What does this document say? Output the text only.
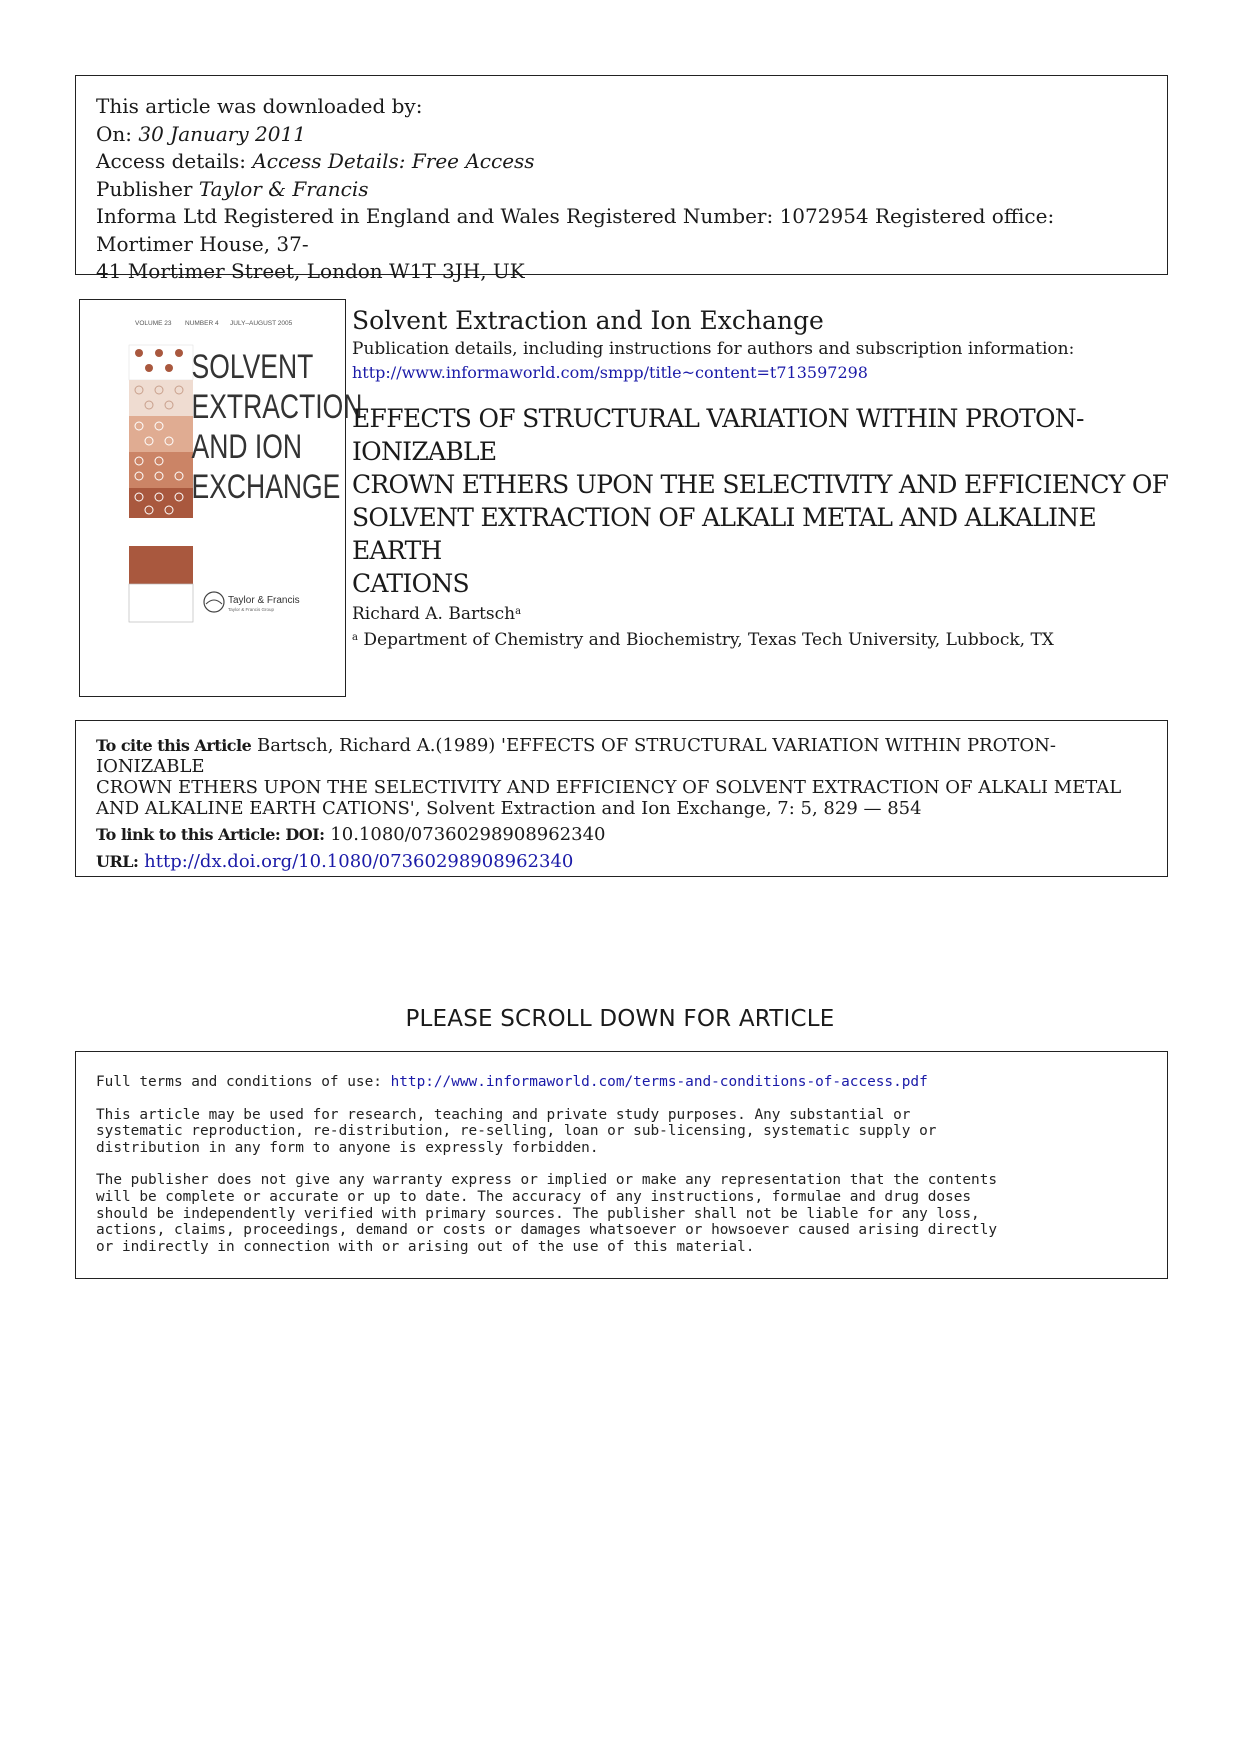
This article was downloaded by:
On: 30 January 2011
Access details: Access Details: Free Access
Publisher Taylor & Francis
Informa Ltd Registered in England and Wales Registered Number: 1072954 Registered office: Mortimer House, 37-
41 Mortimer Street, London W1T 3JH, UK
VOLUME 23 NUMBER 4 JULY–AUGUST 2005
SOLVENT
EXTRACTION
AND ION
EXCHANGE
Taylor & Francis
Taylor & Francis Group
Solvent Extraction and Ion Exchange
Publication details, including instructions for authors and subscription information:
http://www.informaworld.com/smpp/title~content=t713597298
EFFECTS OF STRUCTURAL VARIATION WITHIN PROTON-IONIZABLE
CROWN ETHERS UPON THE SELECTIVITY AND EFFICIENCY OF
SOLVENT EXTRACTION OF ALKALI METAL AND ALKALINE EARTH
CATIONS
Richard A. Bartsch$^a$
$^a$ Department of Chemistry and Biochemistry, Texas Tech University, Lubbock, TX
To cite this Article Bartsch, Richard A.(1989) 'EFFECTS OF STRUCTURAL VARIATION WITHIN PROTON-IONIZABLE
CROWN ETHERS UPON THE SELECTIVITY AND EFFICIENCY OF SOLVENT EXTRACTION OF ALKALI METAL
AND ALKALINE EARTH CATIONS', Solvent Extraction and Ion Exchange, 7: 5, 829 — 854
To link to this Article: DOI: 10.1080/07360298908962340
URL: http://dx.doi.org/10.1080/07360298908962340
PLEASE SCROLL DOWN FOR ARTICLE

Full terms and conditions of use: http://www.informaworld.com/terms-and-conditions-of-access.pdf

This article may be used for research, teaching and private study purposes. Any substantial or
systematic reproduction, re-distribution, re-selling, loan or sub-licensing, systematic supply or
distribution in any form to anyone is expressly forbidden.

The publisher does not give any warranty express or implied or make any representation that the contents
will be complete or accurate or up to date. The accuracy of any instructions, formulae and drug doses
should be independently verified with primary sources. The publisher shall not be liable for any loss,
actions, claims, proceedings, demand or costs or damages whatsoever or howsoever caused arising directly
or indirectly in connection with or arising out of the use of this material.
